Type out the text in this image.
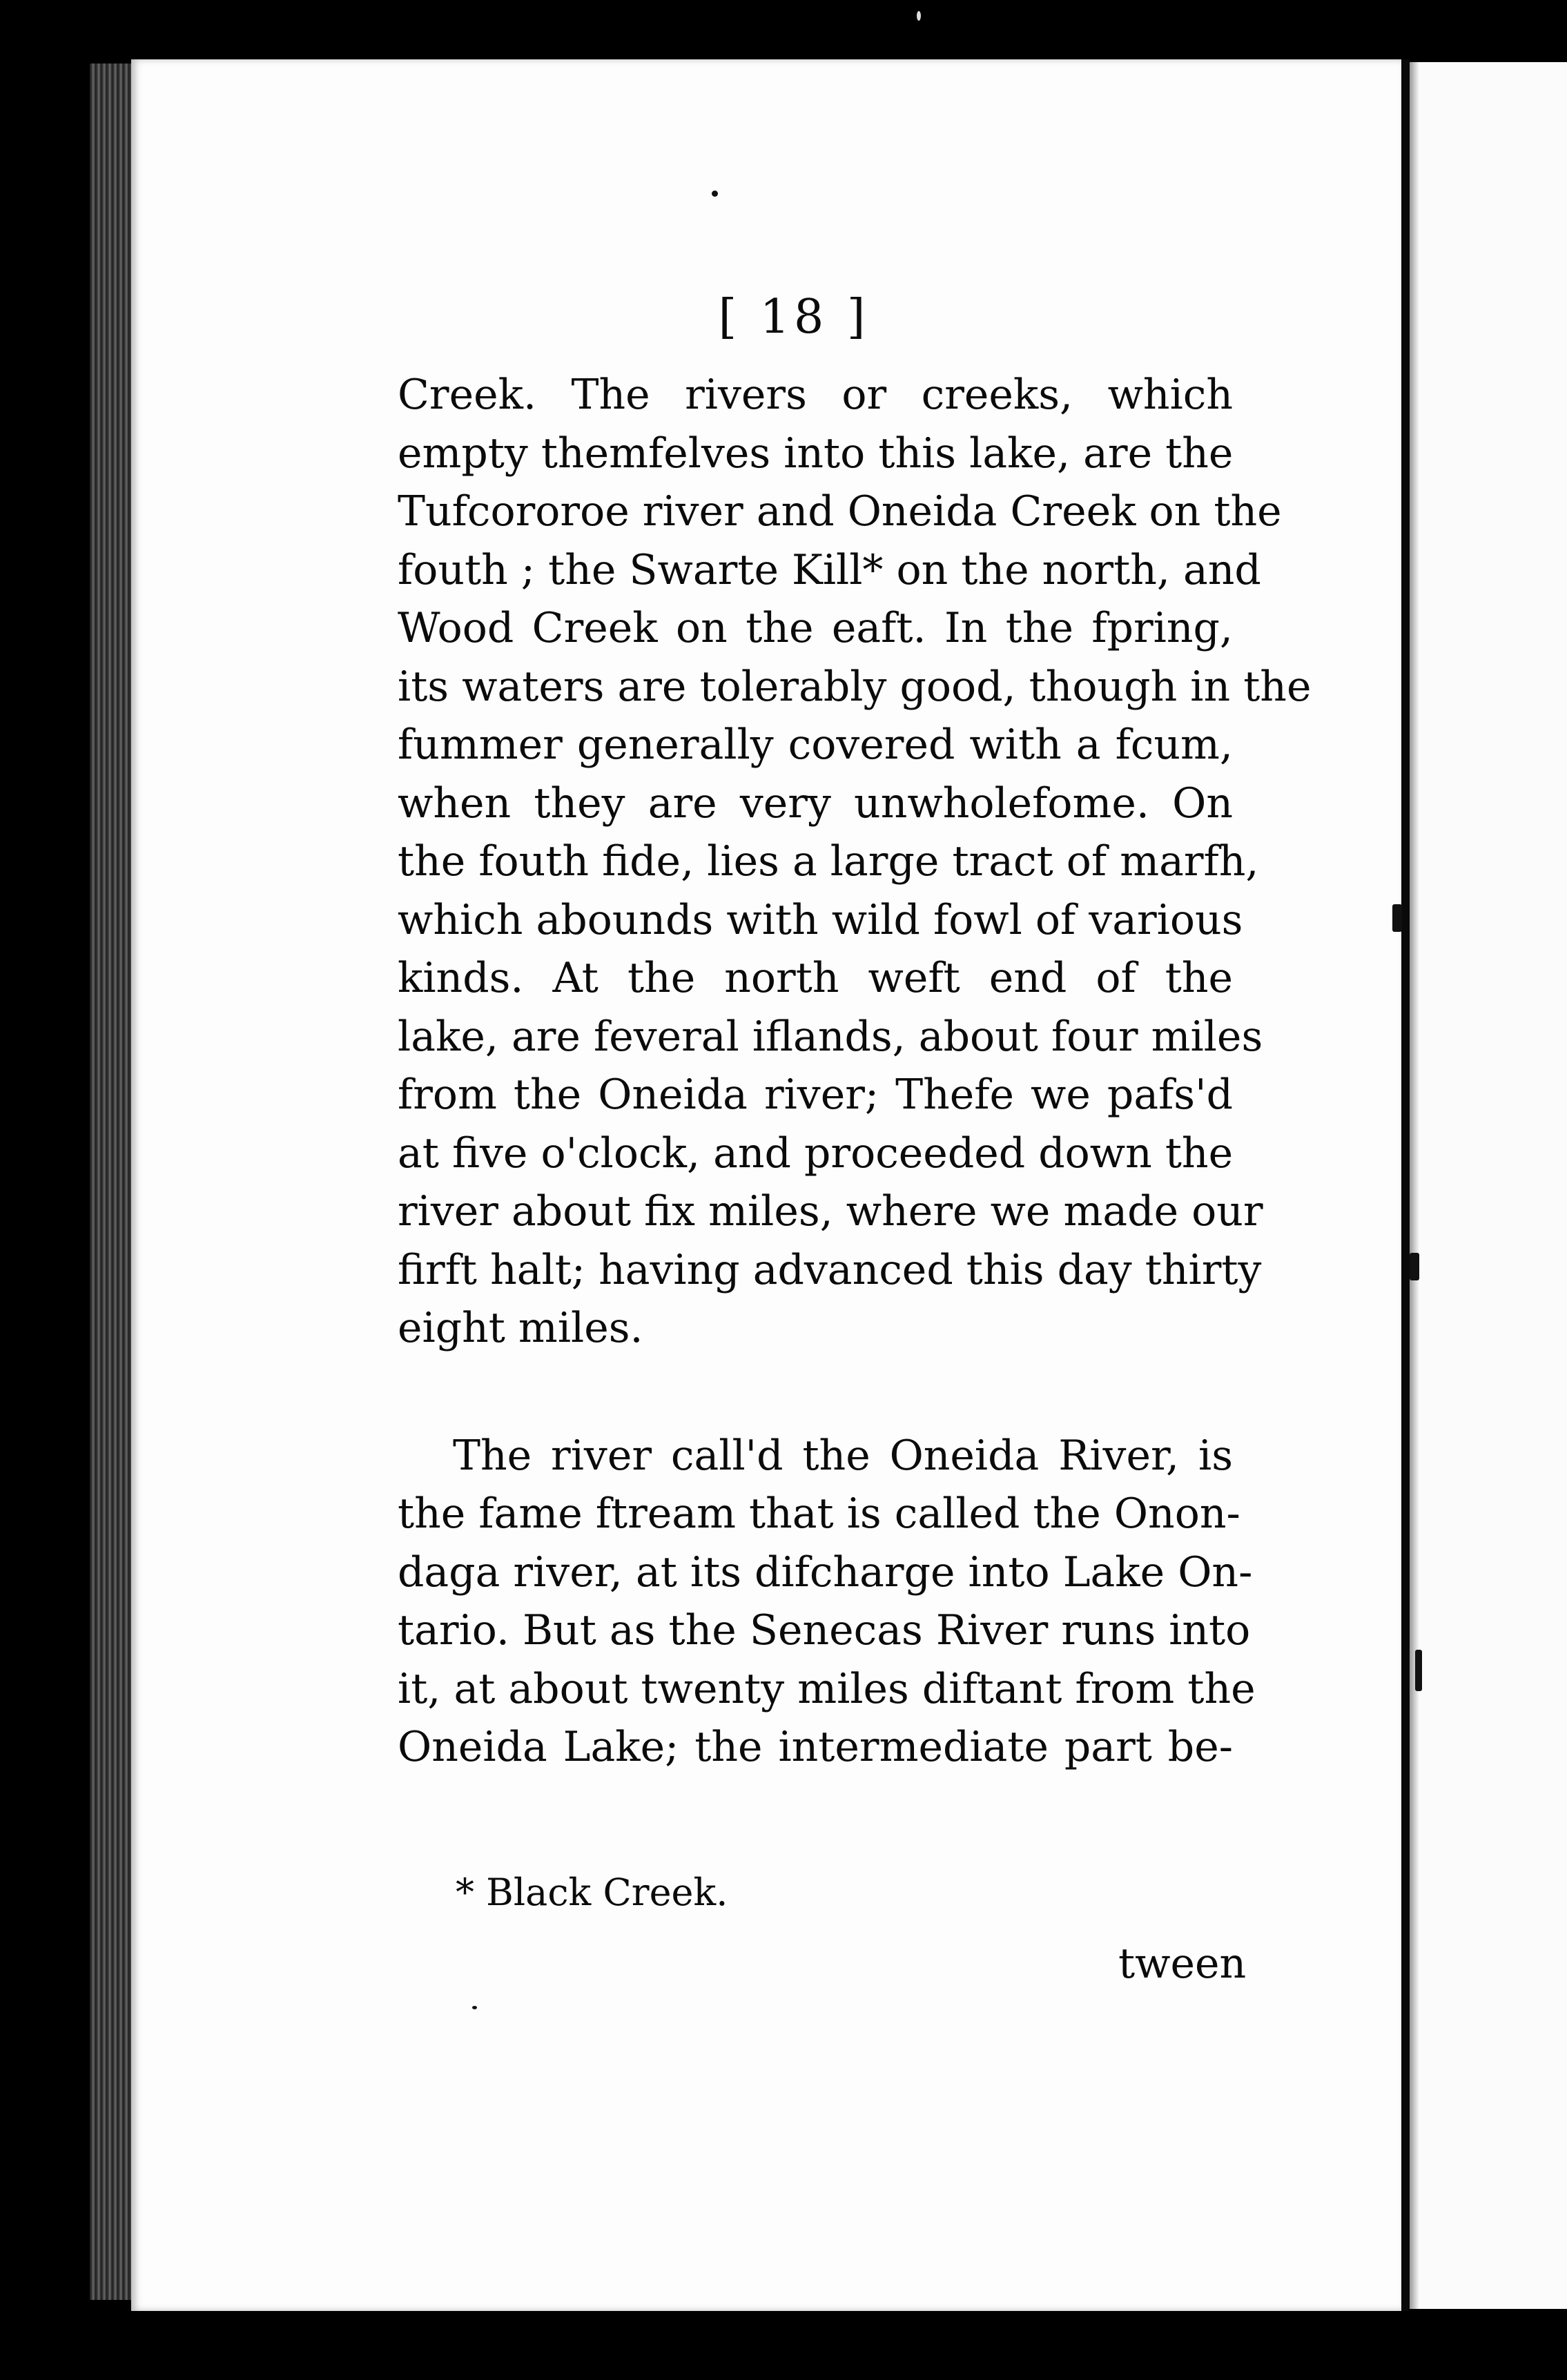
[ 18 ]
Creek. The rivers or creeks, which
empty themfelves into this lake, are the
Tufcororoe river and Oneida Creek on the
fouth ; the Swarte Kill* on the north, and
Wood Creek on the eaft. In the fpring,
its waters are tolerably good, though in the
fummer generally covered with a fcum,
when they are very unwholefome. On
the fouth fide, lies a large tract of marfh,
which abounds with wild fowl of various
kinds. At the north weft end of the
lake, are feveral iflands, about four miles
from the Oneida river; Thefe we pafs'd
at five o'clock, and proceeded down the
river about fix miles, where we made our
firft halt; having advanced this day thirty
eight miles.
The river call'd the Oneida River, is
the fame ftream that is called the Onon-
daga river, at its difcharge into Lake On-
tario. But as the Senecas River runs into
it, at about twenty miles diftant from the
Oneida Lake; the intermediate part be-
* Black Creek.
tween
